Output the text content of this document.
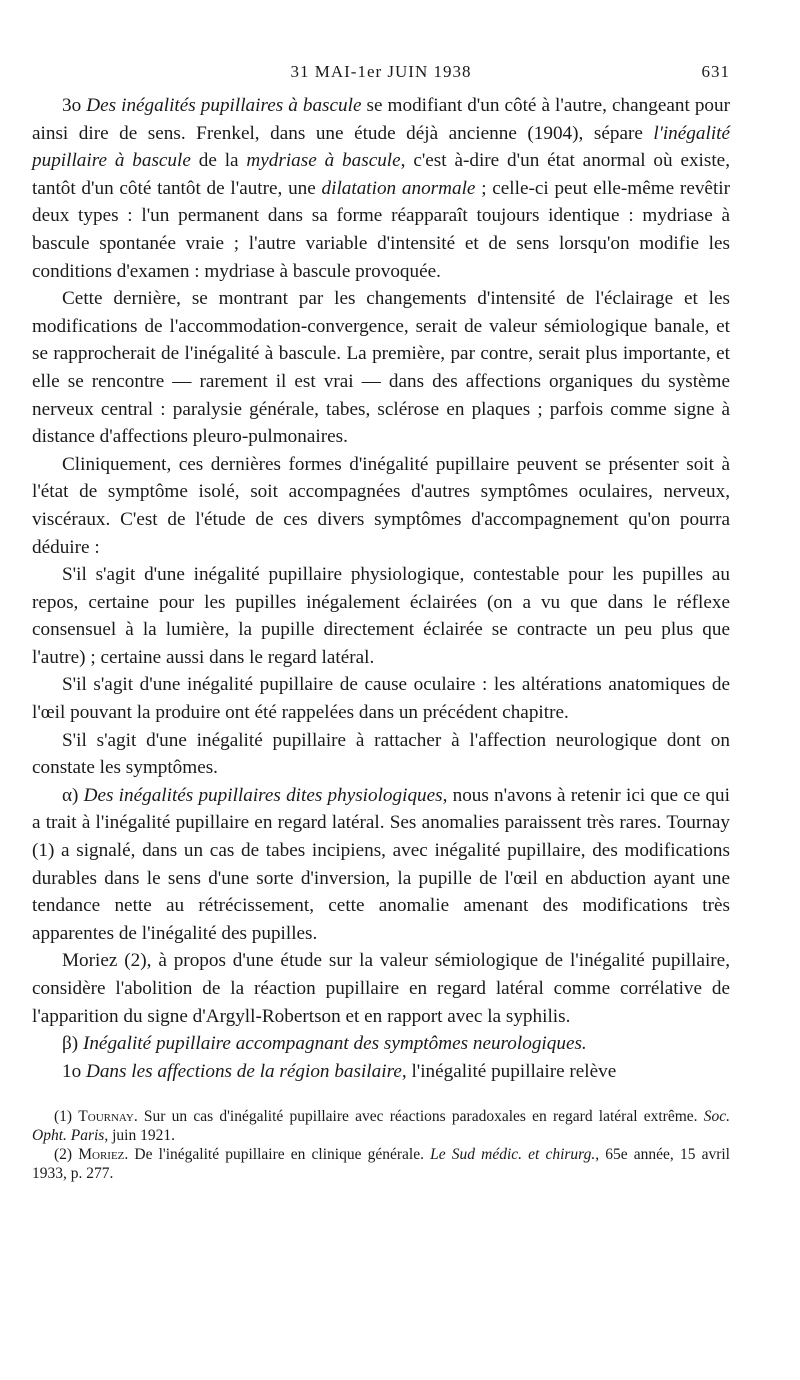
31 MAI-1er JUIN 1938	631

3o Des inégalités pupillaires à bascule se modifiant d'un côté à l'autre, changeant pour ainsi dire de sens. Frenkel, dans une étude déjà ancienne (1904), sépare l'inégalité pupillaire à bascule de la mydriase à bascule, c'est à-dire d'un état anormal où existe, tantôt d'un côté tantôt de l'autre, une dilatation anormale ; celle-ci peut elle-même revêtir deux types : l'un permanent dans sa forme réapparaît toujours identique : mydriase à bascule spontanée vraie ; l'autre variable d'intensité et de sens lorsqu'on modifie les conditions d'examen : mydriase à bascule provoquée.

Cette dernière, se montrant par les changements d'intensité de l'éclairage et les modifications de l'accommodation-convergence, serait de valeur sémiologique banale, et se rapprocherait de l'inégalité à bascule. La première, par contre, serait plus importante, et elle se rencontre — rarement il est vrai — dans des affections organiques du système nerveux central : paralysie générale, tabes, sclérose en plaques ; parfois comme signe à distance d'affections pleuro-pulmonaires.

Cliniquement, ces dernières formes d'inégalité pupillaire peuvent se présenter soit à l'état de symptôme isolé, soit accompagnées d'autres symptômes oculaires, nerveux, viscéraux. C'est de l'étude de ces divers symptômes d'accompagnement qu'on pourra déduire :

S'il s'agit d'une inégalité pupillaire physiologique, contestable pour les pupilles au repos, certaine pour les pupilles inégalement éclairées (on a vu que dans le réflexe consensuel à la lumière, la pupille directement éclairée se contracte un peu plus que l'autre) ; certaine aussi dans le regard latéral.

S'il s'agit d'une inégalité pupillaire de cause oculaire : les altérations anatomiques de l'œil pouvant la produire ont été rappelées dans un précédent chapitre.

S'il s'agit d'une inégalité pupillaire à rattacher à l'affection neurologique dont on constate les symptômes.

α) Des inégalités pupillaires dites physiologiques, nous n'avons à retenir ici que ce qui a trait à l'inégalité pupillaire en regard latéral. Ses anomalies paraissent très rares. Tournay (1) a signalé, dans un cas de tabes incipiens, avec inégalité pupillaire, des modifications durables dans le sens d'une sorte d'inversion, la pupille de l'œil en abduction ayant une tendance nette au rétrécissement, cette anomalie amenant des modifications très apparentes de l'inégalité des pupilles.

Moriez (2), à propos d'une étude sur la valeur sémiologique de l'inégalité pupillaire, considère l'abolition de la réaction pupillaire en regard latéral comme corrélative de l'apparition du signe d'Argyll-Robertson et en rapport avec la syphilis.

β) Inégalité pupillaire accompagnant des symptômes neurologiques.

1o Dans les affections de la région basilaire, l'inégalité pupillaire relève

(1) Tournay. Sur un cas d'inégalité pupillaire avec réactions paradoxales en regard latéral extrême. Soc. Opht. Paris, juin 1921.

(2) Moriez. De l'inégalité pupillaire en clinique générale. Le Sud médic. et chirurg., 65e année, 15 avril 1933, p. 277.
